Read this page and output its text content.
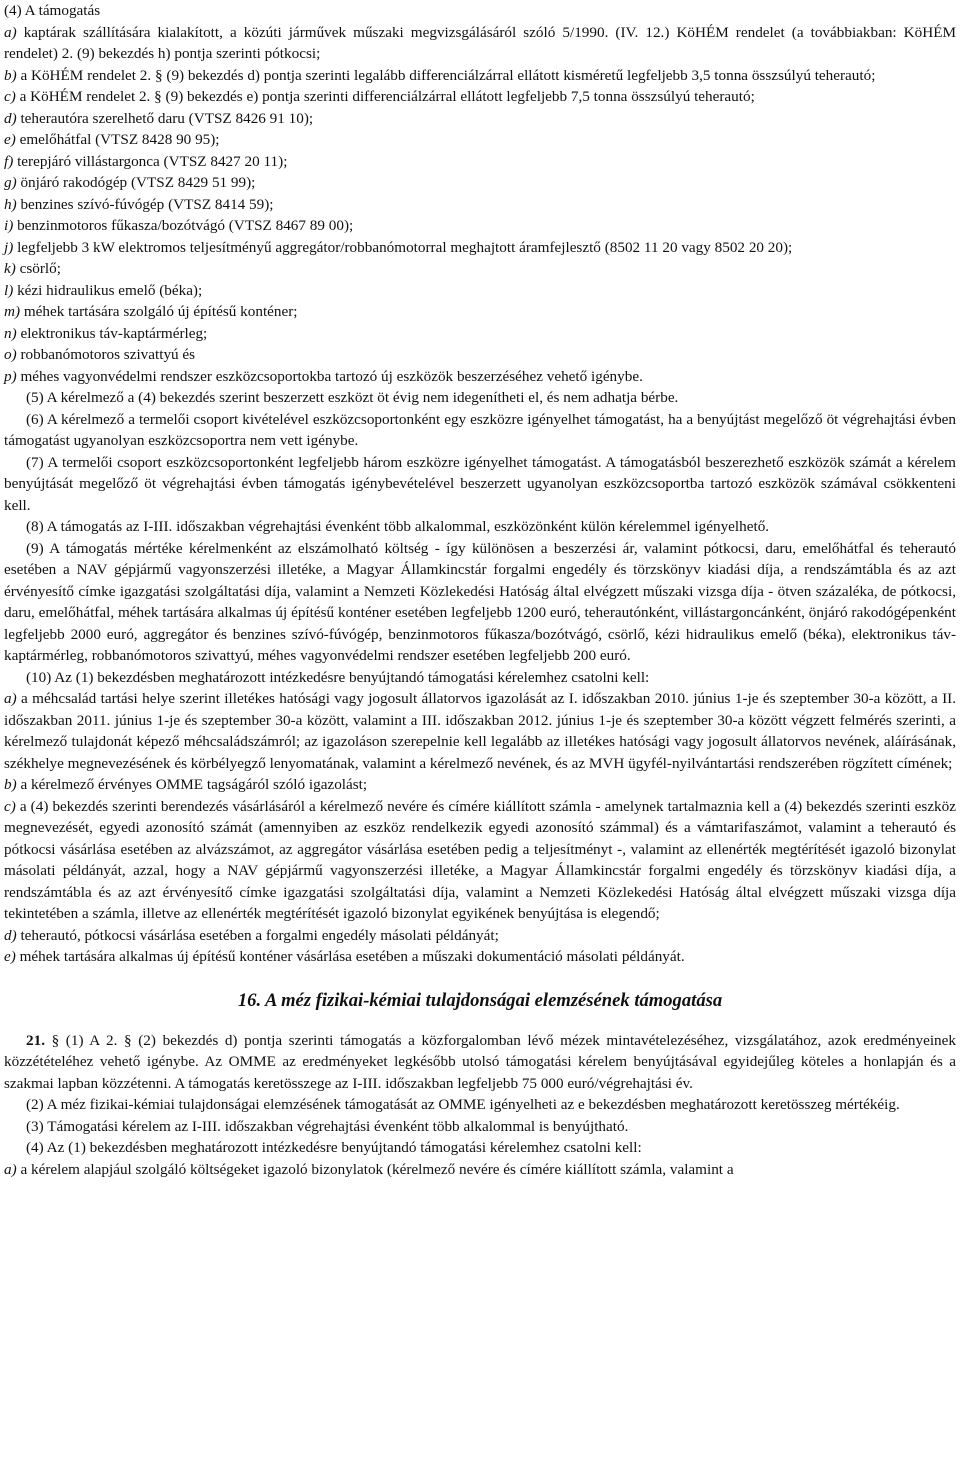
(4) A támogatás

a) kaptárak szállítására kialakított, a közúti járművek műszaki megvizsgálásáról szóló 5/1990. (IV. 12.) KöHÉM rendelet (a továbbiakban: KöHÉM rendelet) 2. (9) bekezdés h) pontja szerinti pótkocsi;

b) a KöHÉM rendelet 2. § (9) bekezdés d) pontja szerinti legalább differenciálzárral ellátott kisméretű legfeljebb 3,5 tonna összsúlyú teherautó;

c) a KöHÉM rendelet 2. § (9) bekezdés e) pontja szerinti differenciálzárral ellátott legfeljebb 7,5 tonna összsúlyú teherautó;

d) teherautóra szerelhető daru (VTSZ 8426 91 10);

e) emelőhátfal (VTSZ 8428 90 95);

f) terepjáró villástargonca (VTSZ 8427 20 11);

g) önjáró rakodógép (VTSZ 8429 51 99);

h) benzines szívó-fúvógép (VTSZ 8414 59);

i) benzinmotoros fűkasza/bozótvágó (VTSZ 8467 89 00);

j) legfeljebb 3 kW elektromos teljesítményű aggregátor/robbanómotorral meghajtott áramfejlesztő (8502 11 20 vagy 8502 20 20);

k) csörlő;

l) kézi hidraulikus emelő (béka);

m) méhek tartására szolgáló új építésű konténer;

n) elektronikus táv-kaptármérleg;

o) robbanómotoros szivattyú és

p) méhes vagyonvédelmi rendszer eszközcsoportokba tartozó új eszközök beszerzéséhez vehető igénybe.

(5) A kérelmező a (4) bekezdés szerint beszerzett eszközt öt évig nem idegenítheti el, és nem adhatja bérbe.

(6) A kérelmező a termelői csoport kivételével eszközcsoportonként egy eszközre igényelhet támogatást, ha a benyújtást megelőző öt végrehajtási évben támogatást ugyanolyan eszközcsoportra nem vett igénybe.

(7) A termelői csoport eszközcsoportonként legfeljebb három eszközre igényelhet támogatást. A támogatásból beszerezhető eszközök számát a kérelem benyújtását megelőző öt végrehajtási évben támogatás igénybevételével beszerzett ugyanolyan eszközcsoportba tartozó eszközök számával csökkenteni kell.

(8) A támogatás az I-III. időszakban végrehajtási évenként több alkalommal, eszközönként külön kérelemmel igényelhető.

(9) A támogatás mértéke kérelmenként az elszámolható költség - így különösen a beszerzési ár, valamint pótkocsi, daru, emelőhátfal és teherautó esetében a NAV gépjármű vagyonszerzési illetéke, a Magyar Államkincstár forgalmi engedély és törzskönyv kiadási díja, a rendszámtábla és az azt érvényesítő címke igazgatási szolgáltatási díja, valamint a Nemzeti Közlekedési Hatóság által elvégzett műszaki vizsga díja - ötven százaléka, de pótkocsi, daru, emelőhátfal, méhek tartására alkalmas új építésű konténer esetében legfeljebb 1200 euró, teherautónként, villástargoncánként, önjáró rakodógépenként legfeljebb 2000 euró, aggregátor és benzines szívó-fúvógép, benzinmotoros fűkasza/bozótvágó, csörlő, kézi hidraulikus emelő (béka), elektronikus táv-kaptármérleg, robbanómotoros szivattyú, méhes vagyonvédelmi rendszer esetében legfeljebb 200 euró.

(10) Az (1) bekezdésben meghatározott intézkedésre benyújtandó támogatási kérelemhez csatolni kell:

a) a méhcsalád tartási helye szerint illetékes hatósági vagy jogosult állatorvos igazolását az I. időszakban 2010. június 1-je és szeptember 30-a között, a II. időszakban 2011. június 1-je és szeptember 30-a között, valamint a III. időszakban 2012. június 1-je és szeptember 30-a között végzett felmérés szerinti, a kérelmező tulajdonát képező méhcsaládszámról; az igazoláson szerepelnie kell legalább az illetékes hatósági vagy jogosult állatorvos nevének, aláírásának, székhelye megnevezésének és körbélyegző lenyomatának, valamint a kérelmező nevének, és az MVH ügyfél-nyilvántartási rendszerében rögzített címének;

b) a kérelmező érvényes OMME tagságáról szóló igazolást;

c) a (4) bekezdés szerinti berendezés vásárlásáról a kérelmező nevére és címére kiállított számla - amelynek tartalmaznia kell a (4) bekezdés szerinti eszköz megnevezését, egyedi azonosító számát (amennyiben az eszköz rendelkezik egyedi azonosító számmal) és a vámtarifaszámot, valamint a teherautó és pótkocsi vásárlása esetében az alvázszámot, az aggregátor vásárlása esetében pedig a teljesítményt -, valamint az ellenérték megtérítését igazoló bizonylat másolati példányát, azzal, hogy a NAV gépjármű vagyonszerzési illetéke, a Magyar Államkincstár forgalmi engedély és törzskönyv kiadási díja, a rendszámtábla és az azt érvényesítő címke igazgatási szolgáltatási díja, valamint a Nemzeti Közlekedési Hatóság által elvégzett műszaki vizsga díja tekintetében a számla, illetve az ellenérték megtérítését igazoló bizonylat egyikének benyújtása is elegendő;

d) teherautó, pótkocsi vásárlása esetében a forgalmi engedély másolati példányát;

e) méhek tartására alkalmas új építésű konténer vásárlása esetében a műszaki dokumentáció másolati példányát.

16. A méz fizikai-kémiai tulajdonságai elemzésének támogatása

21. § (1) A 2. § (2) bekezdés d) pontja szerinti támogatás a közforgalomban lévő mézek mintavételezéséhez, vizsgálatához, azok eredményeinek közzétételéhez vehető igénybe. Az OMME az eredményeket legkésőbb utolsó támogatási kérelem benyújtásával egyidejűleg köteles a honlapján és a szakmai lapban közzétenni. A támogatás keretösszege az I-III. időszakban legfeljebb 75 000 euró/végrehajtási év.

(2) A méz fizikai-kémiai tulajdonságai elemzésének támogatását az OMME igényelheti az e bekezdésben meghatározott keretösszeg mértékéig.

(3) Támogatási kérelem az I-III. időszakban végrehajtási évenként több alkalommal is benyújtható.

(4) Az (1) bekezdésben meghatározott intézkedésre benyújtandó támogatási kérelemhez csatolni kell:

a) a kérelem alapjául szolgáló költségeket igazoló bizonylatok (kérelmező nevére és címére kiállított számla, valamint a
